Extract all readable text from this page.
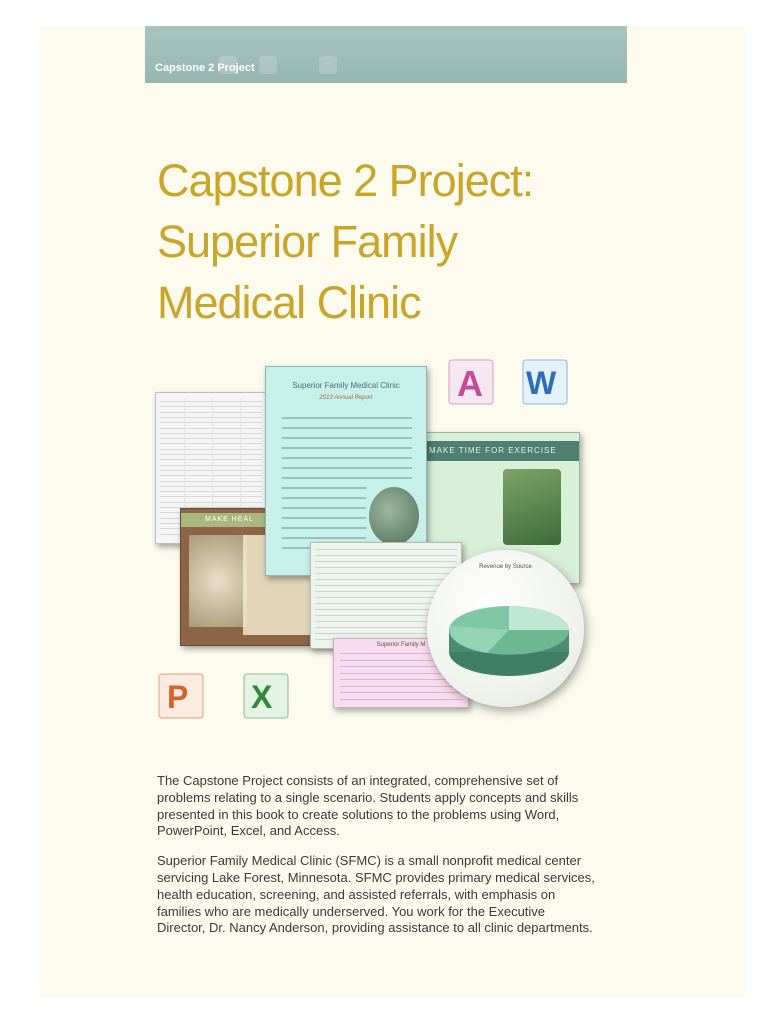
Capstone 2 Project
Capstone 2 Project:
Superior Family
Medical Clinic
MAKE TIME FOR EXERCISE
MAKE HEAL
Superior Family Medical Clinic
2013 Annual Report
Superior Family M
Revenue by Source
A W
P X

The Capstone Project consists of an integrated, comprehensive set of
problems relating to a single scenario. Students apply concepts and skills
presented in this book to create solutions to the problems using Word,
PowerPoint, Excel, and Access.

Superior Family Medical Clinic (SFMC) is a small nonprofit medical center
servicing Lake Forest, Minnesota. SFMC provides primary medical services,
health education, screening, and assisted referrals, with emphasis on
families who are medically underserved. You work for the Executive
Director, Dr. Nancy Anderson, providing assistance to all clinic departments.
